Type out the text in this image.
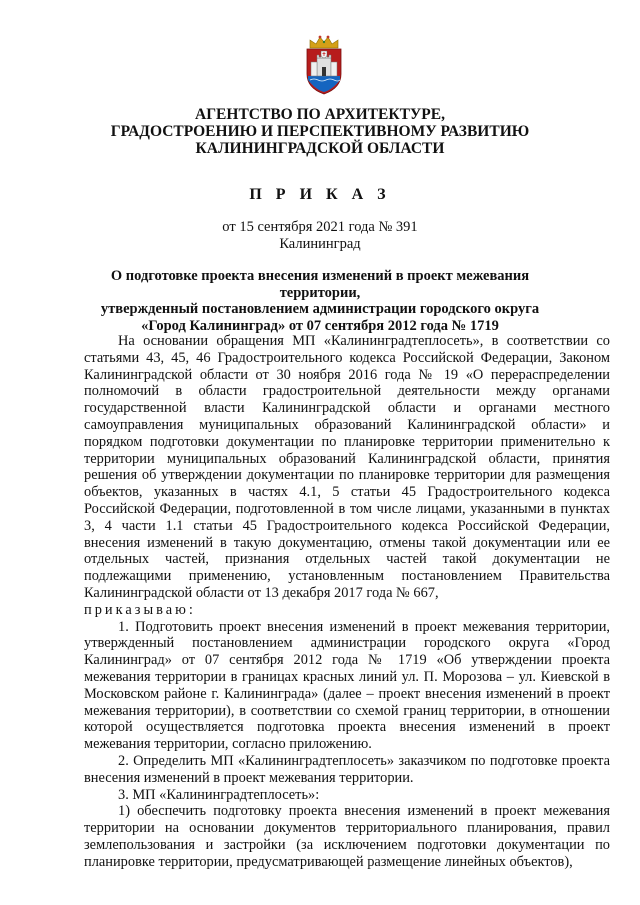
АГЕНТСТВО ПО АРХИТЕКТУРЕ,
ГРАДОСТРОЕНИЮ И ПЕРСПЕКТИВНОМУ РАЗВИТИЮ
КАЛИНИНГРАДСКОЙ ОБЛАСТИ
П Р И К А З
от 15 сентября 2021 года № 391
Калининград
О подготовке проекта внесения изменений в проект межевания территории,
утвержденный постановлением администрации городского округа
«Город Калининград» от 07 сентября 2012 года № 1719

На основании обращения МП «Калининградтеплосеть», в соответствии со статьями 43, 45, 46 Градостроительного кодекса Российской Федерации, Законом Калининградской области от 30 ноября 2016 года № 19 «О перераспределении полномочий в области градостроительной деятельности между органами государственной власти Калининградской области и органами местного самоуправления муниципальных образований Калининградской области» и порядком подготовки документации по планировке территории применительно к территории муниципальных образований Калининградской области, принятия решения об утверждении документации по планировке территории для размещения объектов, указанных в частях 4.1, 5 статьи 45 Градостроительного кодекса Российской Федерации, подготовленной в том числе лицами, указанными в пунктах 3, 4 части 1.1 статьи 45 Градостроительного кодекса Российской Федерации, внесения изменений в такую документацию, отмены такой документации или ее отдельных частей, признания отдельных частей такой документации не подлежащими применению, установленным постановлением Правительства Калининградской области от 13 декабря 2017 года № 667,

приказываю:

1. Подготовить проект внесения изменений в проект межевания территории, утвержденный постановлением администрации городского округа «Город Калининград» от 07 сентября 2012 года № 1719 «Об утверждении проекта межевания территории в границах красных линий ул. П. Морозова – ул. Киевской в Московском районе г. Калининграда» (далее – проект внесения изменений в проект межевания территории), в соответствии со схемой границ территории, в отношении которой осуществляется подготовка проекта внесения изменений в проект межевания территории, согласно приложению.

2. Определить МП «Калининградтеплосеть» заказчиком по подготовке проекта внесения изменений в проект межевания территории.

3. МП «Калининградтеплосеть»:

1) обеспечить подготовку проекта внесения изменений в проект межевания территории на основании документов территориального планирования, правил землепользования и застройки (за исключением подготовки документации по планировке территории, предусматривающей размещение линейных объектов),
